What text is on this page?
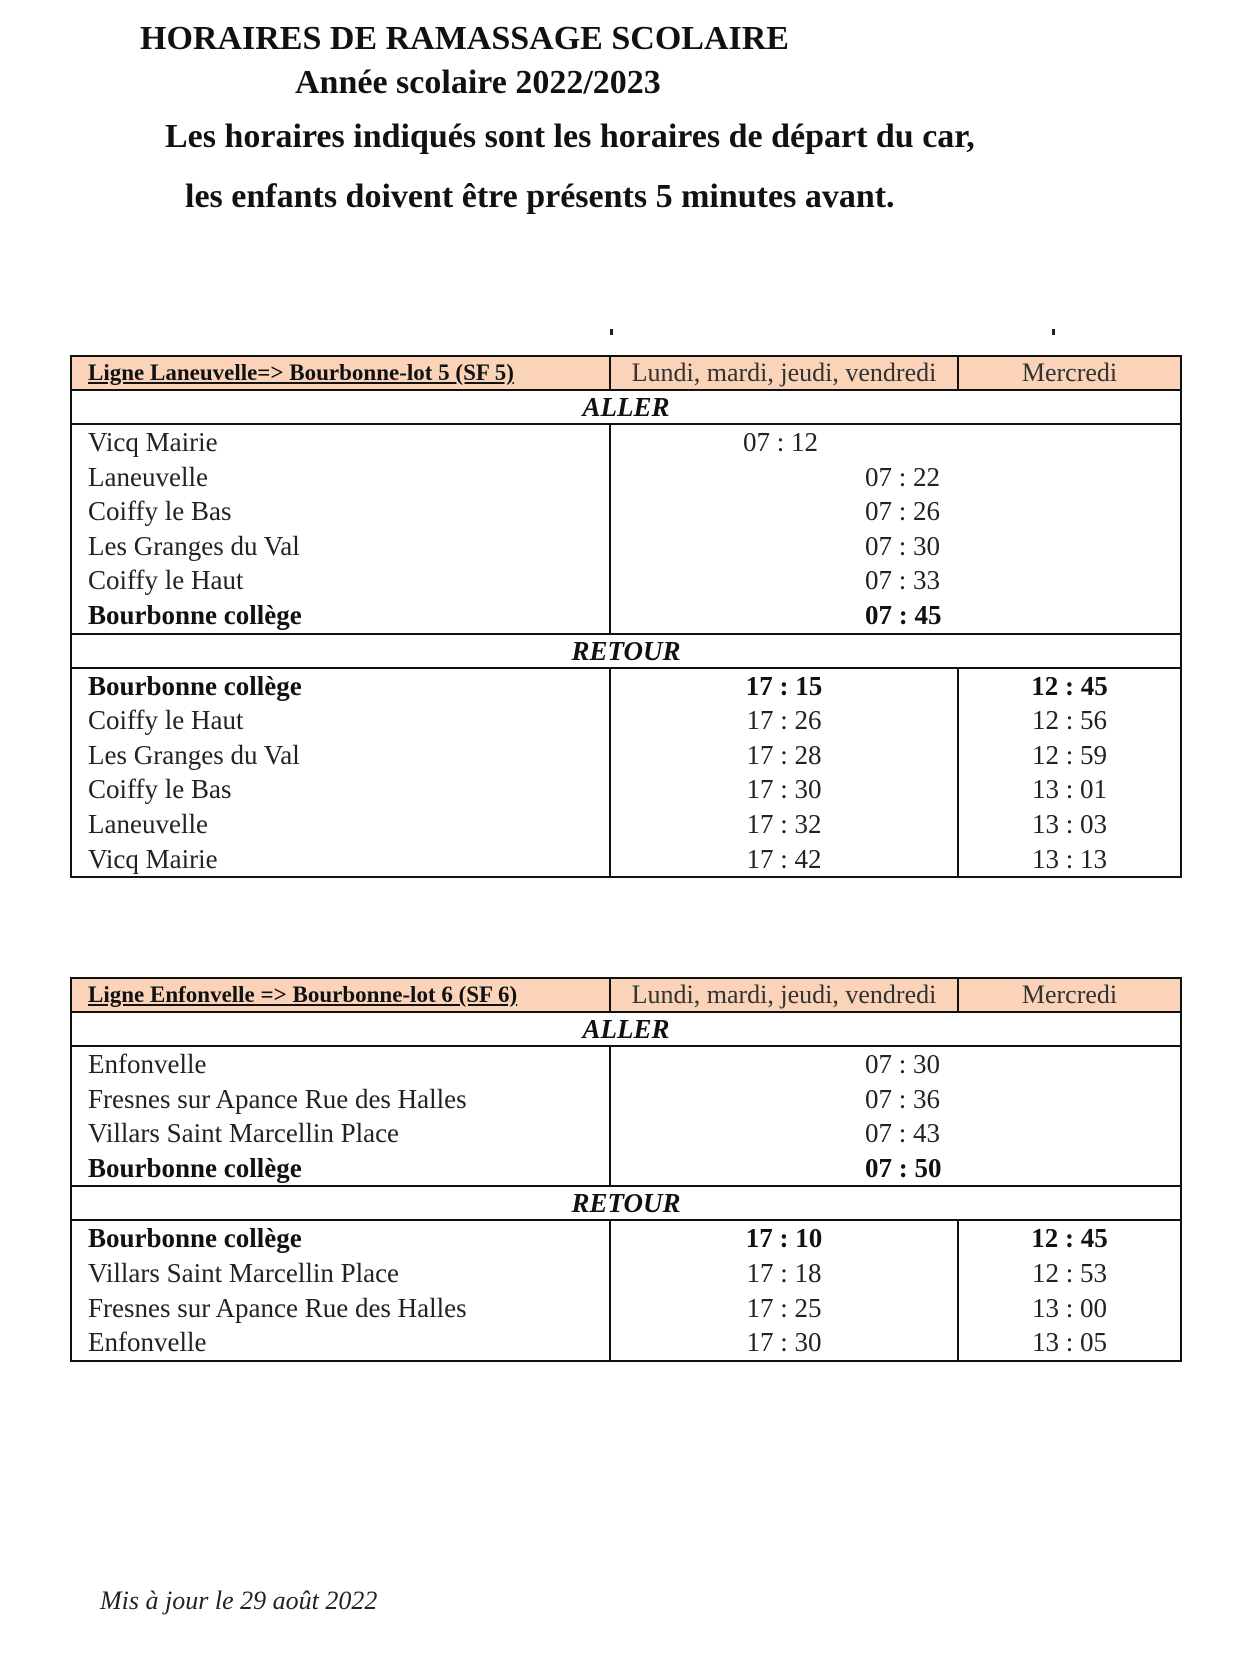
HORAIRES DE RAMASSAGE SCOLAIRE
Année scolaire 2022/2023
Les horaires indiqués sont les horaires de départ du car,
les enfants doivent être présents 5 minutes avant.
Ligne Laneuvelle=> Bourbonne-lot 5 (SF 5)	Lundi, mardi, jeudi, vendredi	Mercredi
ALLER		
Vicq Mairie	07 : 12	
Laneuvelle	07 : 22	
Coiffy le Bas	07 : 26	
Les Granges du Val	07 : 30	
Coiffy le Haut	07 : 33	
Bourbonne collège	07 : 45	
RETOUR		
Bourbonne collège	17 : 15	12 : 45
Coiffy le Haut	17 : 26	12 : 56
Les Granges du Val	17 : 28	12 : 59
Coiffy le Bas	17 : 30	13 : 01
Laneuvelle	17 : 32	13 : 03
Vicq Mairie	17 : 42	13 : 13
Ligne Enfonvelle => Bourbonne-lot 6 (SF 6)	Lundi, mardi, jeudi, vendredi	Mercredi
ALLER		
Enfonvelle	07 : 30	
Fresnes sur Apance Rue des Halles	07 : 36	
Villars Saint Marcellin Place	07 : 43	
Bourbonne collège	07 : 50	
RETOUR		
Bourbonne collège	17 : 10	12 : 45
Villars Saint Marcellin Place	17 : 18	12 : 53
Fresnes sur Apance Rue des Halles	17 : 25	13 : 00
Enfonvelle	17 : 30	13 : 05
Mis à jour le 29 août 2022
